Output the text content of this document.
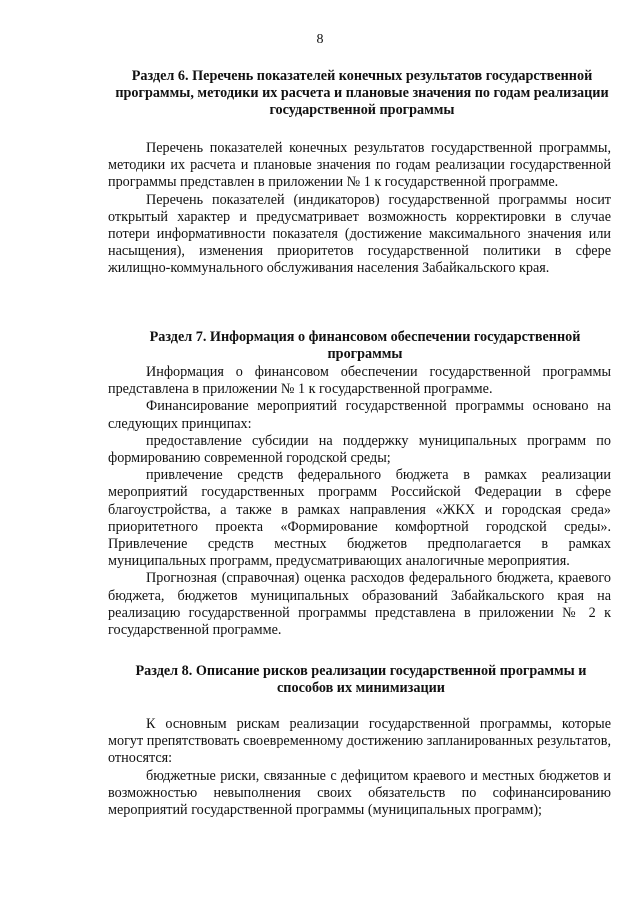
8
Раздел 6. Перечень показателей конечных результатов государственной программы, методики их расчета и плановые значения по годам реализации государственной программы

Перечень показателей конечных результатов государственной программы, методики их расчета и плановые значения по годам реализации государственной программы представлен в приложении № 1 к государственной программе.

Перечень показателей (индикаторов) государственной программы носит открытый характер и предусматривает возможность корректировки в случае потери информативности показателя (достижение максимального значения или насыщения), изменения приоритетов государственной политики в сфере жилищно-коммунального обслуживания населения Забайкальского края.

Раздел 7. Информация о финансовом обеспечении государственной программы

Информация о финансовом обеспечении государственной программы представлена в приложении № 1 к государственной программе.

Финансирование мероприятий государственной программы основано на следующих принципах:

предоставление субсидии на поддержку муниципальных программ по формированию современной городской среды;

привлечение средств федерального бюджета в рамках реализации мероприятий государственных программ Российской Федерации в сфере благоустройства, а также в рамках направления «ЖКХ и городская среда» приоритетного проекта «Формирование комфортной городской среды». Привлечение средств местных бюджетов предполагается в рамках муниципальных программ, предусматривающих аналогичные мероприятия.

Прогнозная (справочная) оценка расходов федерального бюджета, краевого бюджета, бюджетов муниципальных образований Забайкальского края на реализацию государственной программы представлена в приложении № 2 к государственной программе.

Раздел 8. Описание рисков реализации государственной программы и способов их минимизации

К основным рискам реализации государственной программы, которые могут препятствовать своевременному достижению запланированных результатов, относятся:

бюджетные риски, связанные с дефицитом краевого и местных бюджетов и возможностью невыполнения своих обязательств по софинансированию мероприятий государственной программы (муниципальных программ);
